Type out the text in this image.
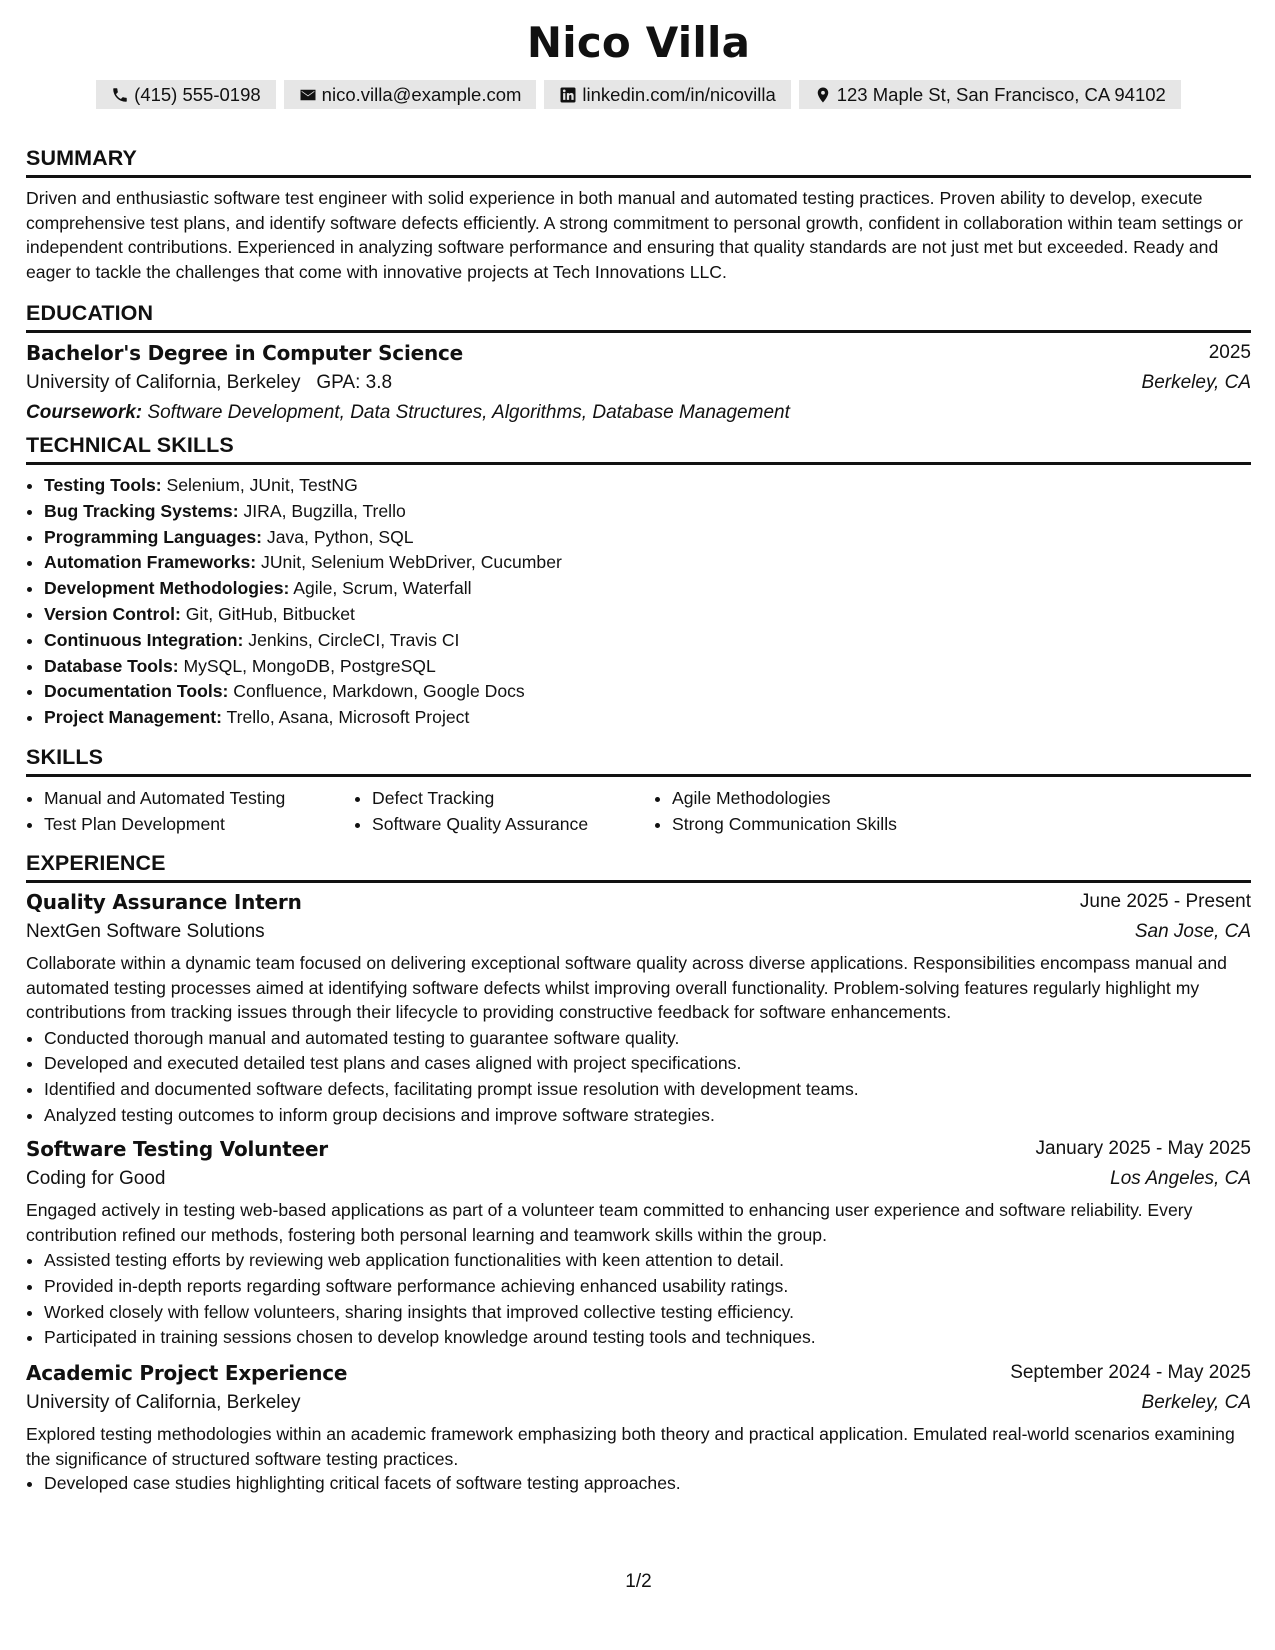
Nico Villa
(415) 555-0198	nico.villa@example.com	linkedin.com/in/nicovilla	123 Maple St, San Francisco, CA 94102
SUMMARY
Driven and enthusiastic software test engineer with solid experience in both manual and automated testing practices. Proven ability to develop, execute comprehensive test plans, and identify software defects efficiently. A strong commitment to personal growth, confident in collaboration within team settings or independent contributions. Experienced in analyzing software performance and ensuring that quality standards are not just met but exceeded. Ready and eager to tackle the challenges that come with innovative projects at Tech Innovations LLC.
EDUCATION
Bachelor's Degree in Computer Science	2025
University of California, Berkeley GPA: 3.8	Berkeley, CA
Coursework: Software Development, Data Structures, Algorithms, Database Management
TECHNICAL SKILLS
• Testing Tools: Selenium, JUnit, TestNG
• Bug Tracking Systems: JIRA, Bugzilla, Trello
• Programming Languages: Java, Python, SQL
• Automation Frameworks: JUnit, Selenium WebDriver, Cucumber
• Development Methodologies: Agile, Scrum, Waterfall
• Version Control: Git, GitHub, Bitbucket
• Continuous Integration: Jenkins, CircleCI, Travis CI
• Database Tools: MySQL, MongoDB, PostgreSQL
• Documentation Tools: Confluence, Markdown, Google Docs
• Project Management: Trello, Asana, Microsoft Project
SKILLS
• Manual and Automated Testing
• Test Plan Development
• Defect Tracking
• Software Quality Assurance
• Agile Methodologies
• Strong Communication Skills
EXPERIENCE
Quality Assurance Intern	June 2025 - Present
NextGen Software Solutions	San Jose, CA
Collaborate within a dynamic team focused on delivering exceptional software quality across diverse applications. Responsibilities encompass manual and automated testing processes aimed at identifying software defects whilst improving overall functionality. Problem-solving features regularly highlight my contributions from tracking issues through their lifecycle to providing constructive feedback for software enhancements.
• Conducted thorough manual and automated testing to guarantee software quality.
• Developed and executed detailed test plans and cases aligned with project specifications.
• Identified and documented software defects, facilitating prompt issue resolution with development teams.
• Analyzed testing outcomes to inform group decisions and improve software strategies.
Software Testing Volunteer	January 2025 - May 2025
Coding for Good	Los Angeles, CA
Engaged actively in testing web-based applications as part of a volunteer team committed to enhancing user experience and software reliability. Every contribution refined our methods, fostering both personal learning and teamwork skills within the group.
• Assisted testing efforts by reviewing web application functionalities with keen attention to detail.
• Provided in-depth reports regarding software performance achieving enhanced usability ratings.
• Worked closely with fellow volunteers, sharing insights that improved collective testing efficiency.
• Participated in training sessions chosen to develop knowledge around testing tools and techniques.
Academic Project Experience	September 2024 - May 2025
University of California, Berkeley	Berkeley, CA
Explored testing methodologies within an academic framework emphasizing both theory and practical application. Emulated real-world scenarios examining the significance of structured software testing practices.
• Developed case studies highlighting critical facets of software testing approaches.
1/2
